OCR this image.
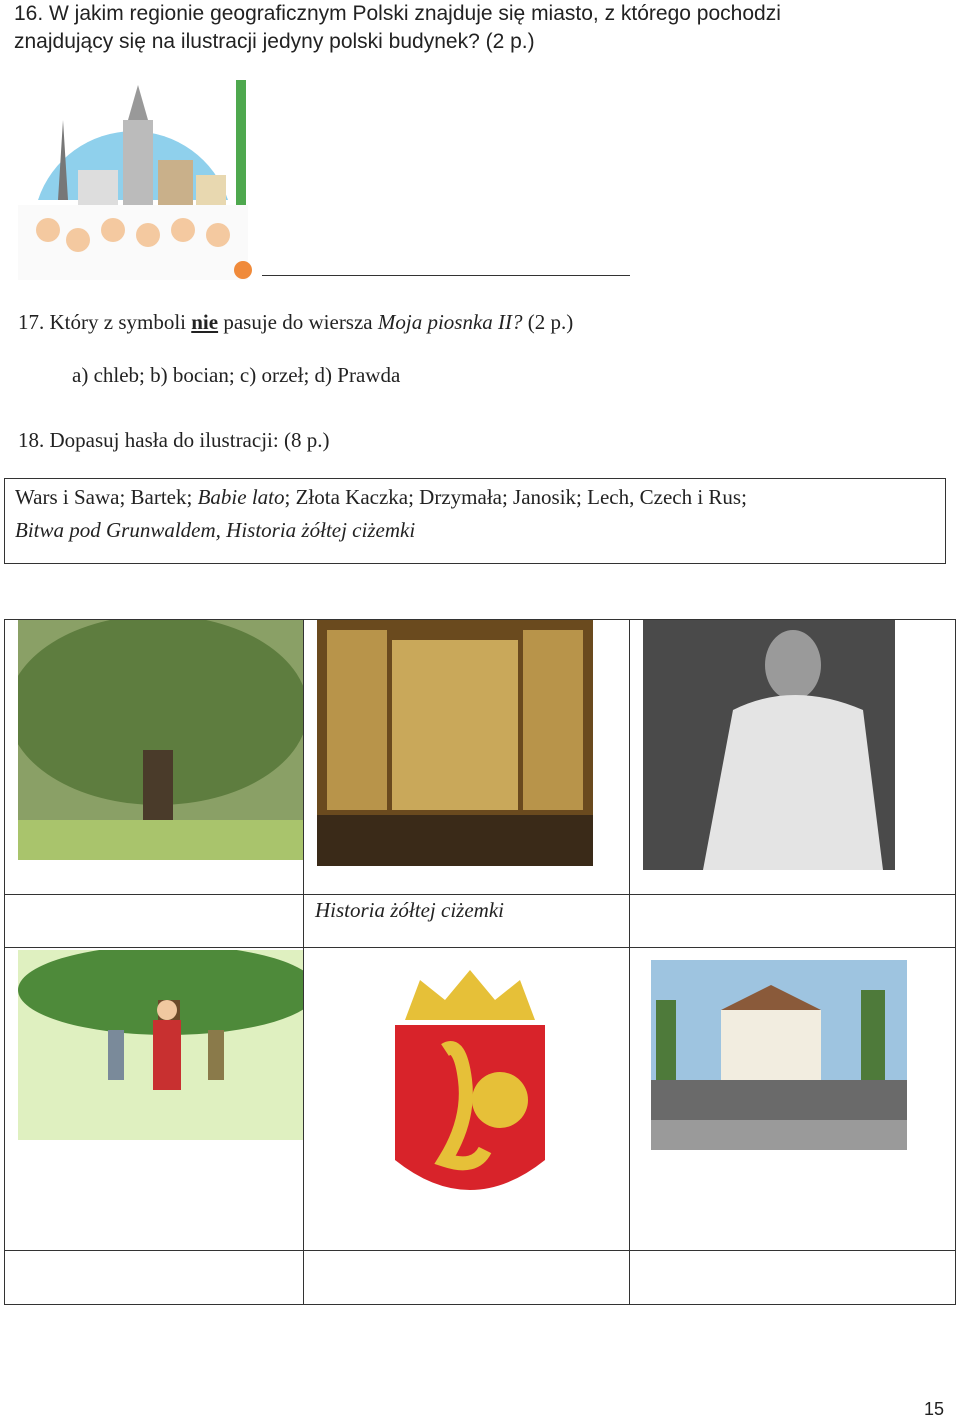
16. W jakim regionie geograficznym Polski znajduje się miasto, z którego pochodzi
znajdujący się na ilustracji jedyny polski budynek? (2 p.)
17. Który z symboli nie pasuje do wiersza Moja piosnka II? (2 p.)
a) chleb; b) bocian; c) orzeł; d) Prawda
18. Dopasuj hasła do ilustracji: (8 p.)
Wars i Sawa; Bartek; Babie lato; Złota Kaczka; Drzymała; Janosik; Lech, Czech i Rus;
Bitwa pod Grunwaldem, Historia żółtej ciżemki
Historia żółtej ciżemki
15
